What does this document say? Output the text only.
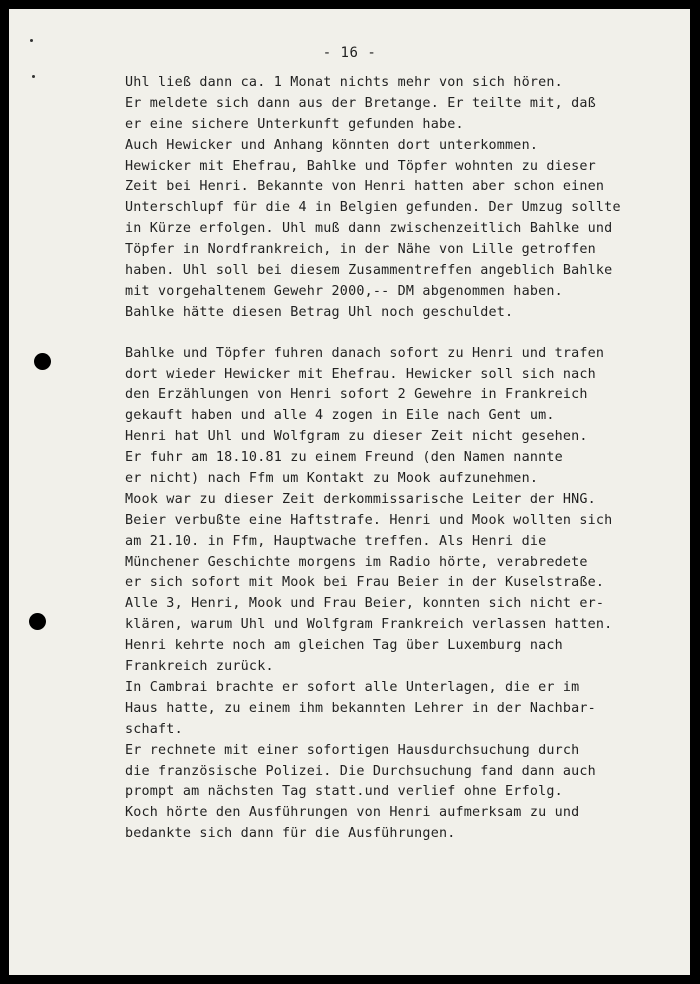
- 16 -
Uhl ließ dann ca. 1 Monat nichts mehr von sich hören.
Er meldete sich dann aus der Bretange. Er teilte mit, daß
er eine sichere Unterkunft gefunden habe.
Auch Hewicker und Anhang könnten dort unterkommen.
Hewicker mit Ehefrau, Bahlke und Töpfer wohnten zu dieser
Zeit bei Henri. Bekannte von Henri hatten aber schon einen
Unterschlupf für die 4 in Belgien gefunden. Der Umzug sollte
in Kürze erfolgen. Uhl muß dann zwischenzeitlich Bahlke und
Töpfer in Nordfrankreich, in der Nähe von Lille getroffen
haben. Uhl soll bei diesem Zusammentreffen angeblich Bahlke
mit vorgehaltenem Gewehr 2000,-- DM abgenommen haben.
Bahlke hätte diesen Betrag Uhl noch geschuldet.
Bahlke und Töpfer fuhren danach sofort zu Henri und trafen
dort wieder Hewicker mit Ehefrau. Hewicker soll sich nach
den Erzählungen von Henri sofort 2 Gewehre in Frankreich
gekauft haben und alle 4 zogen in Eile nach Gent um.
Henri hat Uhl und Wolfgram zu dieser Zeit nicht gesehen.
Er fuhr am 18.10.81 zu einem Freund (den Namen nannte
er nicht) nach Ffm um Kontakt zu Mook aufzunehmen.
Mook war zu dieser Zeit derkommissarische Leiter der HNG.
Beier verbußte eine Haftstrafe. Henri und Mook wollten sich
am 21.10. in Ffm, Hauptwache treffen. Als Henri die
Münchener Geschichte morgens im Radio hörte, verabredete
er sich sofort mit Mook bei Frau Beier in der Kuselstraße.
Alle 3, Henri, Mook und Frau Beier, konnten sich nicht er-
klären, warum Uhl und Wolfgram Frankreich verlassen hatten.
Henri kehrte noch am gleichen Tag über Luxemburg nach
Frankreich zurück.
In Cambrai brachte er sofort alle Unterlagen, die er im
Haus hatte, zu einem ihm bekannten Lehrer in der Nachbar-
schaft.
Er rechnete mit einer sofortigen Hausdurchsuchung durch
die französische Polizei. Die Durchsuchung fand dann auch
prompt am nächsten Tag statt.und verlief ohne Erfolg.
Koch hörte den Ausführungen von Henri aufmerksam zu und
bedankte sich dann für die Ausführungen.
